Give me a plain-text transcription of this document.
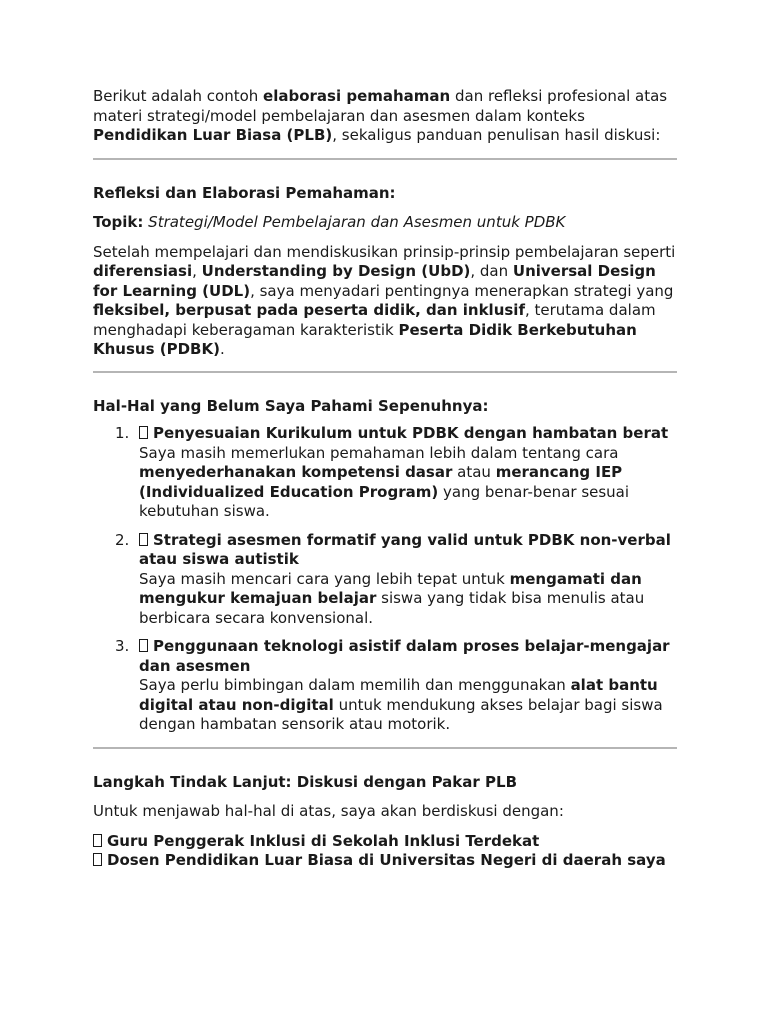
Berikut adalah contoh elaborasi pemahaman dan refleksi profesional atas materi strategi/model pembelajaran dan asesmen dalam konteks Pendidikan Luar Biasa (PLB), sekaligus panduan penulisan hasil diskusi:

Refleksi dan Elaborasi Pemahaman:

Topik: Strategi/Model Pembelajaran dan Asesmen untuk PDBK

Setelah mempelajari dan mendiskusikan prinsip-prinsip pembelajaran seperti diferensiasi, Understanding by Design (UbD), dan Universal Design for Learning (UDL), saya menyadari pentingnya menerapkan strategi yang fleksibel, berpusat pada peserta didik, dan inklusif, terutama dalam menghadapi keberagaman karakteristik Peserta Didik Berkebutuhan Khusus (PDBK).

Hal-Hal yang Belum Saya Pahami Sepenuhnya:

1. Penyesuaian Kurikulum untuk PDBK dengan hambatan berat
Saya masih memerlukan pemahaman lebih dalam tentang cara menyederhanakan kompetensi dasar atau merancang IEP (Individualized Education Program) yang benar-benar sesuai kebutuhan siswa.
2. Strategi asesmen formatif yang valid untuk PDBK non-verbal atau siswa autistik
Saya masih mencari cara yang lebih tepat untuk mengamati dan mengukur kemajuan belajar siswa yang tidak bisa menulis atau berbicara secara konvensional.
3. Penggunaan teknologi asistif dalam proses belajar-mengajar dan asesmen
Saya perlu bimbingan dalam memilih dan menggunakan alat bantu digital atau non-digital untuk mendukung akses belajar bagi siswa dengan hambatan sensorik atau motorik.

Langkah Tindak Lanjut: Diskusi dengan Pakar PLB

Untuk menjawab hal-hal di atas, saya akan berdiskusi dengan:

Guru Penggerak Inklusi di Sekolah Inklusi Terdekat
Dosen Pendidikan Luar Biasa di Universitas Negeri di daerah saya
